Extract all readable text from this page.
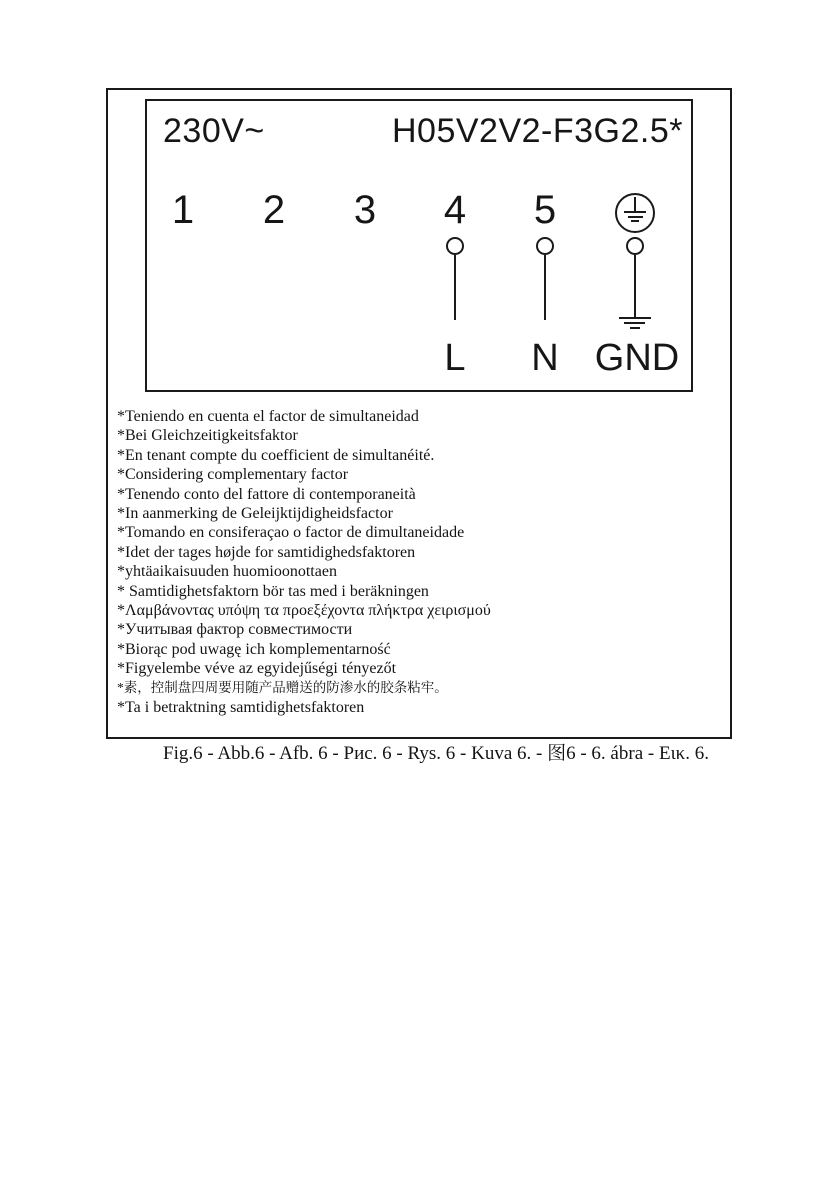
230V~	H05V2V2-F3G2.5*
1	2	3	4	5
L	N GND
*Teniendo en cuenta el factor de simultaneidad
*Bei Gleichzeitigkeitsfaktor
*En tenant compte du coefficient de simultanéité.
*Considering complementary factor
*Tenendo conto del fattore di contemporaneità
*In aanmerking de Geleijktijdigheidsfactor
*Tomando en consiferaçao o factor de dimultaneidade
*Idet der tages højde for samtidighedsfaktoren
*yhtäaikaisuuden huomioonottaen
* Samtidighetsfaktorn bör tas med i beräkningen
*Λαμβάνοντας υπόψη τα προεξέχοντα πλήκτρα χειρισμού
*Учитывая фактор совместимости
*Biorąc pod uwagę ich komplementarność
*Figyelembe véve az egyidejűségi tényezőt
*素，控制盘四周要用随产品赠送的防渗水的胶条粘牢。
*Ta i betraktning samtidighetsfaktoren
Fig.6 - Abb.6 - Afb. 6 - Рис. 6 - Rys. 6 - Kuva 6. - 图6 - 6. ábra - Εικ. 6.
